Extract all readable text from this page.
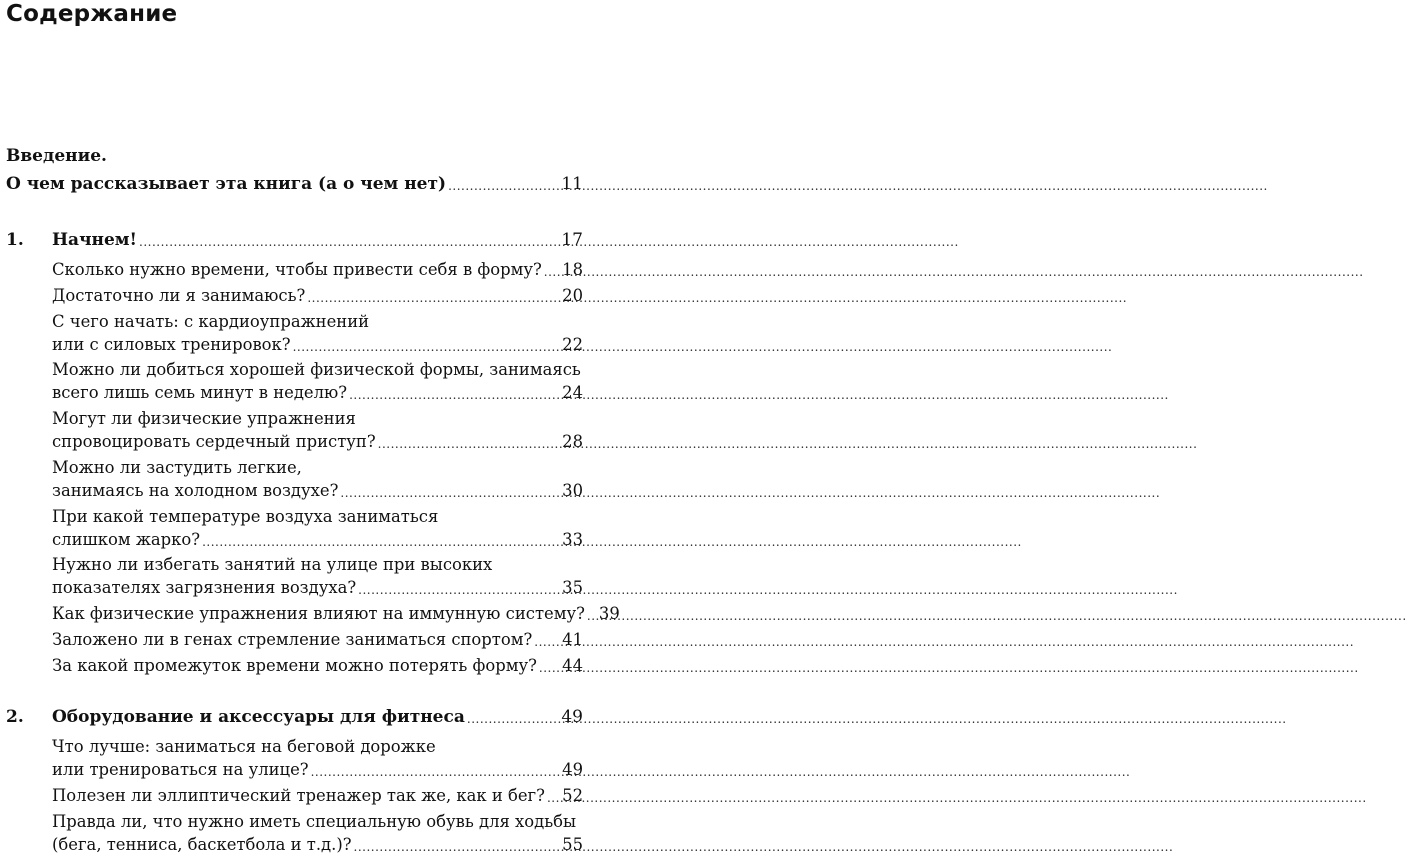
Содержание
Введение.
О чем рассказывает эта книга (а о чем нет) .....	11
1.	Начнем! .....	17
Сколько нужно времени, чтобы привести себя в форму? ..... 18
Достаточно ли я занимаюсь? .....	20
С чего начать: с кардиоупражнений
или с силовых тренировок? .....	22
Можно ли добиться хорошей физической формы, занимаясь
всего лишь семь минут в неделю? .....	24
Могут ли физические упражнения
спровоцировать сердечный приступ? .....	28
Можно ли застудить легкие,
занимаясь на холодном воздухе? .....	30
При какой температуре воздуха заниматься
слишком жарко? .....	33
Нужно ли избегать занятий на улице при высоких
показателях загрязнения воздуха? .....	35
Как физические упражнения влияют на иммунную систему? ..... 39
Заложено ли в генах стремление заниматься спортом? ..... 41
За какой промежуток времени можно потерять форму? ..... 44
2.	Оборудование и аксессуары для фитнеса .....	49
Что лучше: заниматься на беговой дорожке
или тренироваться на улице? .....	49
Полезен ли эллиптический тренажер так же, как и бег? ..... 52
Правда ли, что нужно иметь специальную обувь для ходьбы
(бега, тенниса, баскетбола и т.д.)? .....	55
